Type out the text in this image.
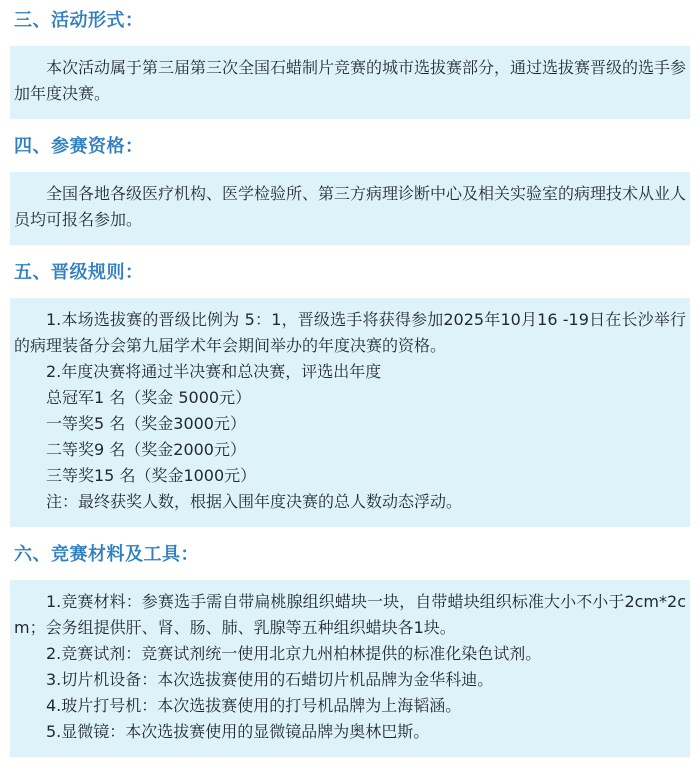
三、活动形式：

本次活动属于第三届第三次全国石蜡制片竞赛的城市选拔赛部分，通过选拔赛晋级的选手参加年度决赛。

四、参赛资格：

全国各地各级医疗机构、医学检验所、第三方病理诊断中心及相关实验室的病理技术从业人员均可报名参加。

五、晋级规则：

1.本场选拔赛的晋级比例为 5：1，晋级选手将获得参加2025年10月16 -19日在长沙举行的病理装备分会第九届学术年会期间举办的年度决赛的资格。

2.年度决赛将通过半决赛和总决赛，评选出年度

总冠军1 名（奖金 5000元）

一等奖5 名（奖金3000元）

二等奖9 名（奖金2000元）

三等奖15 名（奖金1000元）

注：最终获奖人数，根据入围年度决赛的总人数动态浮动。

六、竞赛材料及工具：

1.竞赛材料：参赛选手需自带扁桃腺组织蜡块一块，自带蜡块组织标准大小不小于2cm*2cm；会务组提供肝、肾、肠、肺、乳腺等五种组织蜡块各1块。

2.竞赛试剂：竞赛试剂统一使用北京九州柏林提供的标准化染色试剂。

3.切片机设备：本次选拔赛使用的石蜡切片机品牌为金华科迪。

4.玻片打号机：本次选拔赛使用的打号机品牌为上海韬涵。

5.显微镜：本次选拔赛使用的显微镜品牌为奥林巴斯。
